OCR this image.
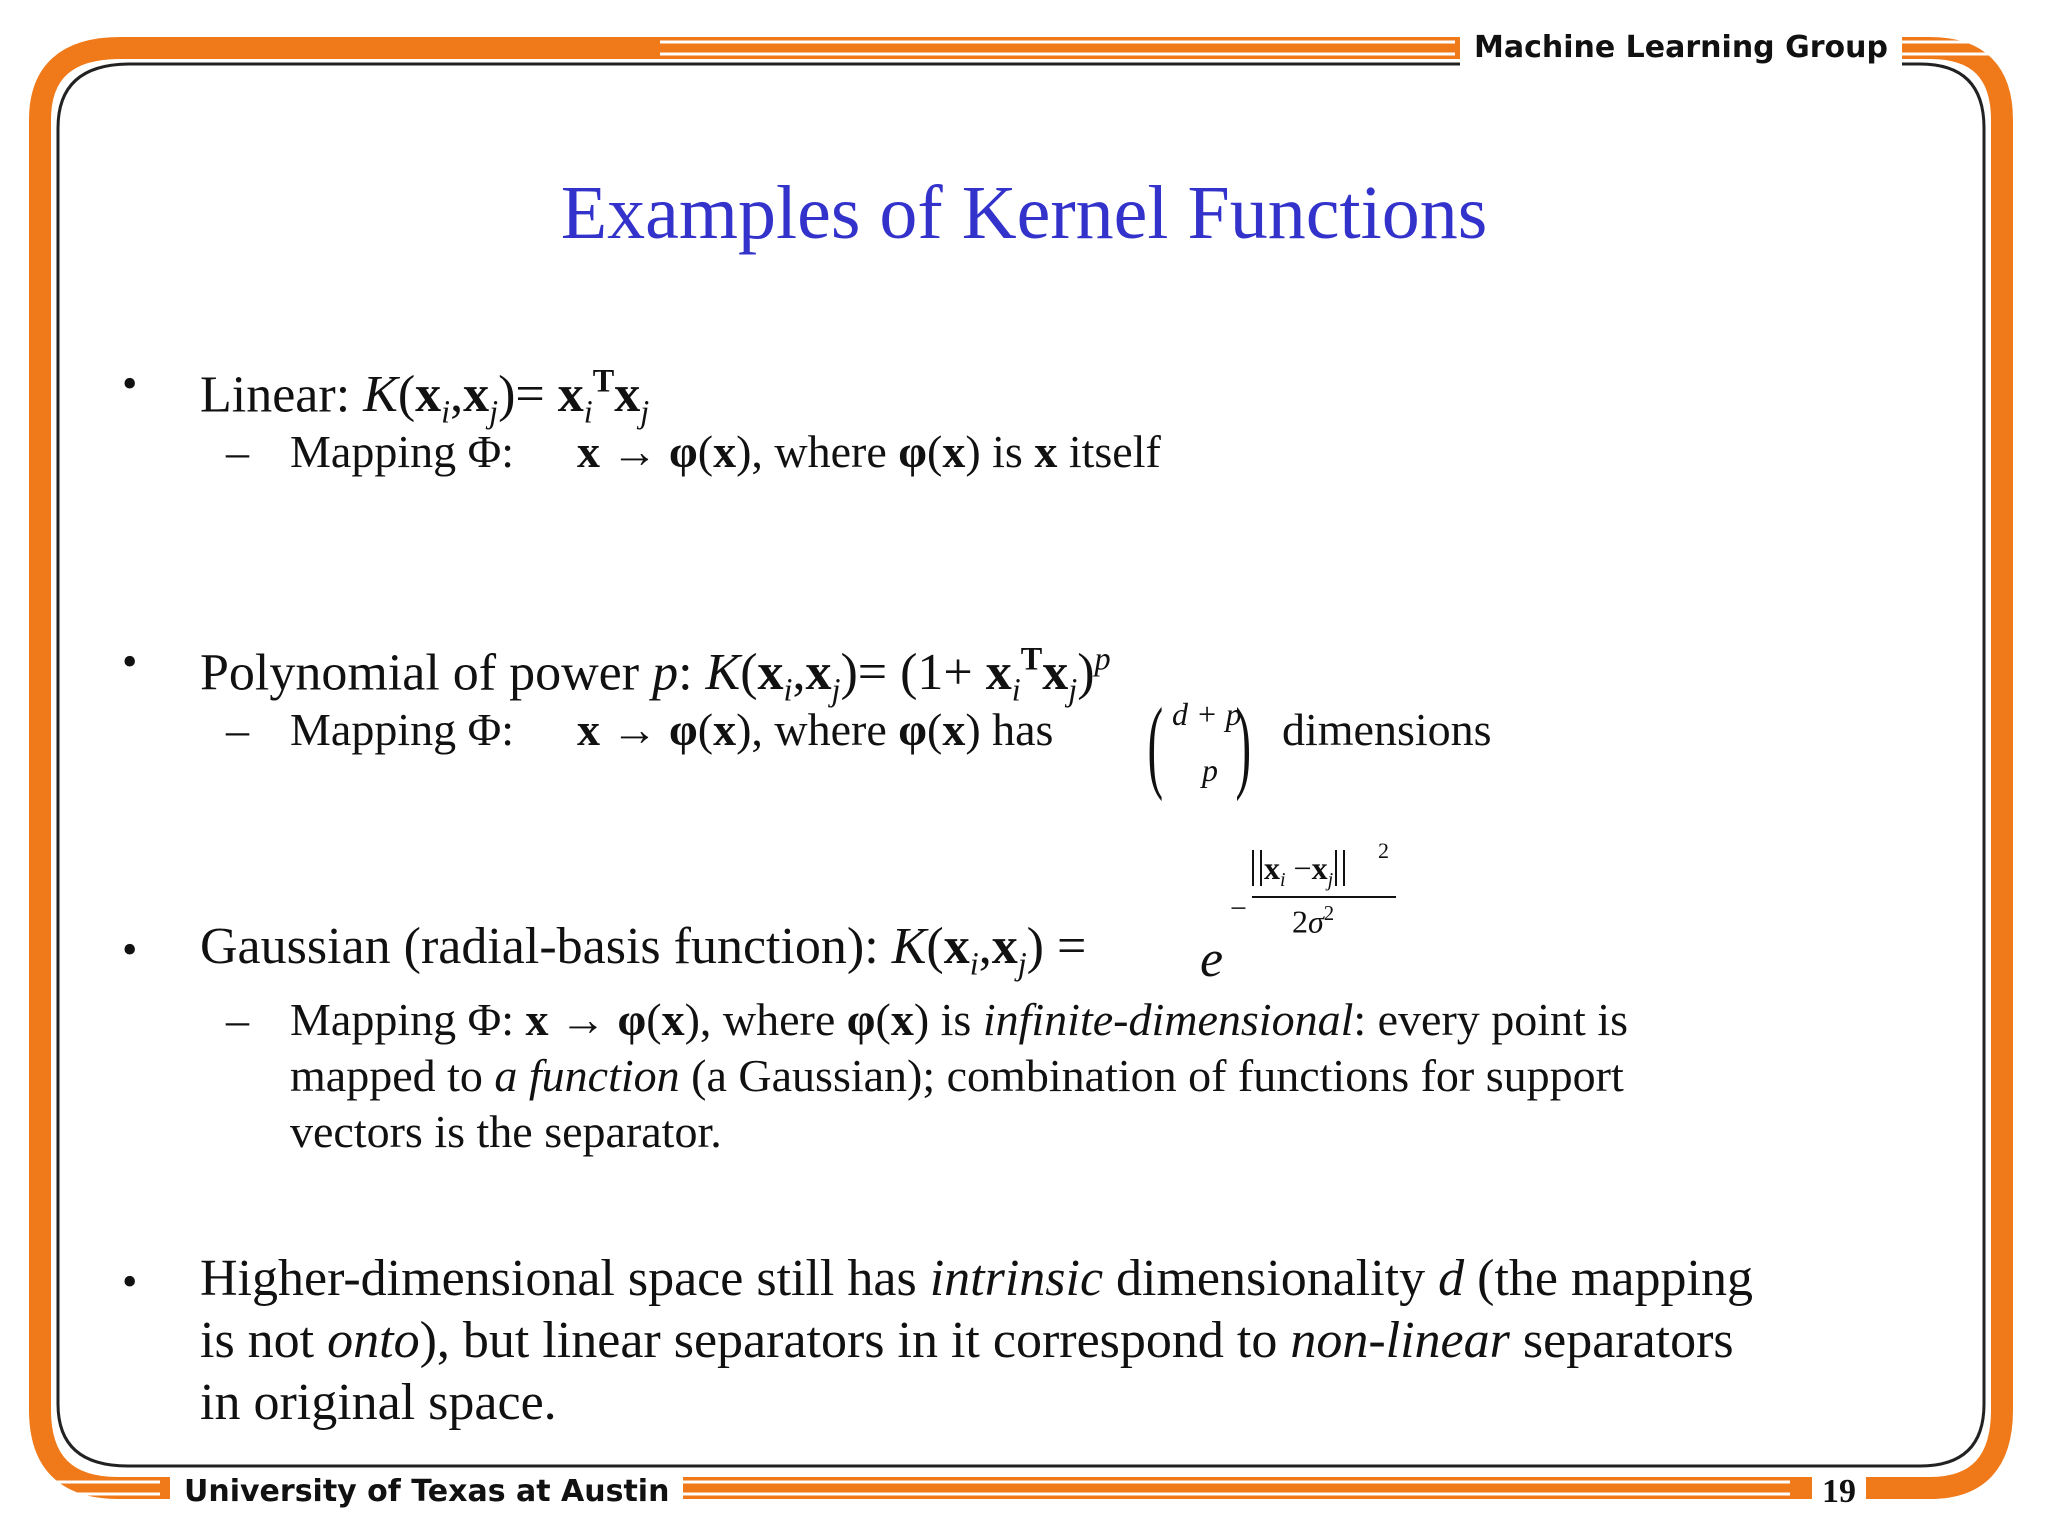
Machine Learning Group
University of Texas at Austin	19
Examples of Kernel Functions
• Linear: $K(x_i,x_j)= x_i^Tx_j$
– Mapping Φ: x → φ(x), where φ(x) is x itself
• Polynomial of power p: $K(x_i,x_j)= (1+ x_i^Tx_j)^p$
– Mapping Φ: x → φ(x), where φ(x) has ( d + p
p ) dimensions
• Gaussian (radial-basis function): $K(x_i,x_j) = e$
−
$x_i -x_j$
2
$2\sigma^2$
– Mapping Φ: x → φ(x), where φ(x) is infinite-dimensional: every point is
mapped to a function (a Gaussian); combination of functions for support
vectors is the separator.
• Higher-dimensional space still has intrinsic dimensionality d (the mapping
is not onto), but linear separators in it correspond to non-linear separators
in original space.
